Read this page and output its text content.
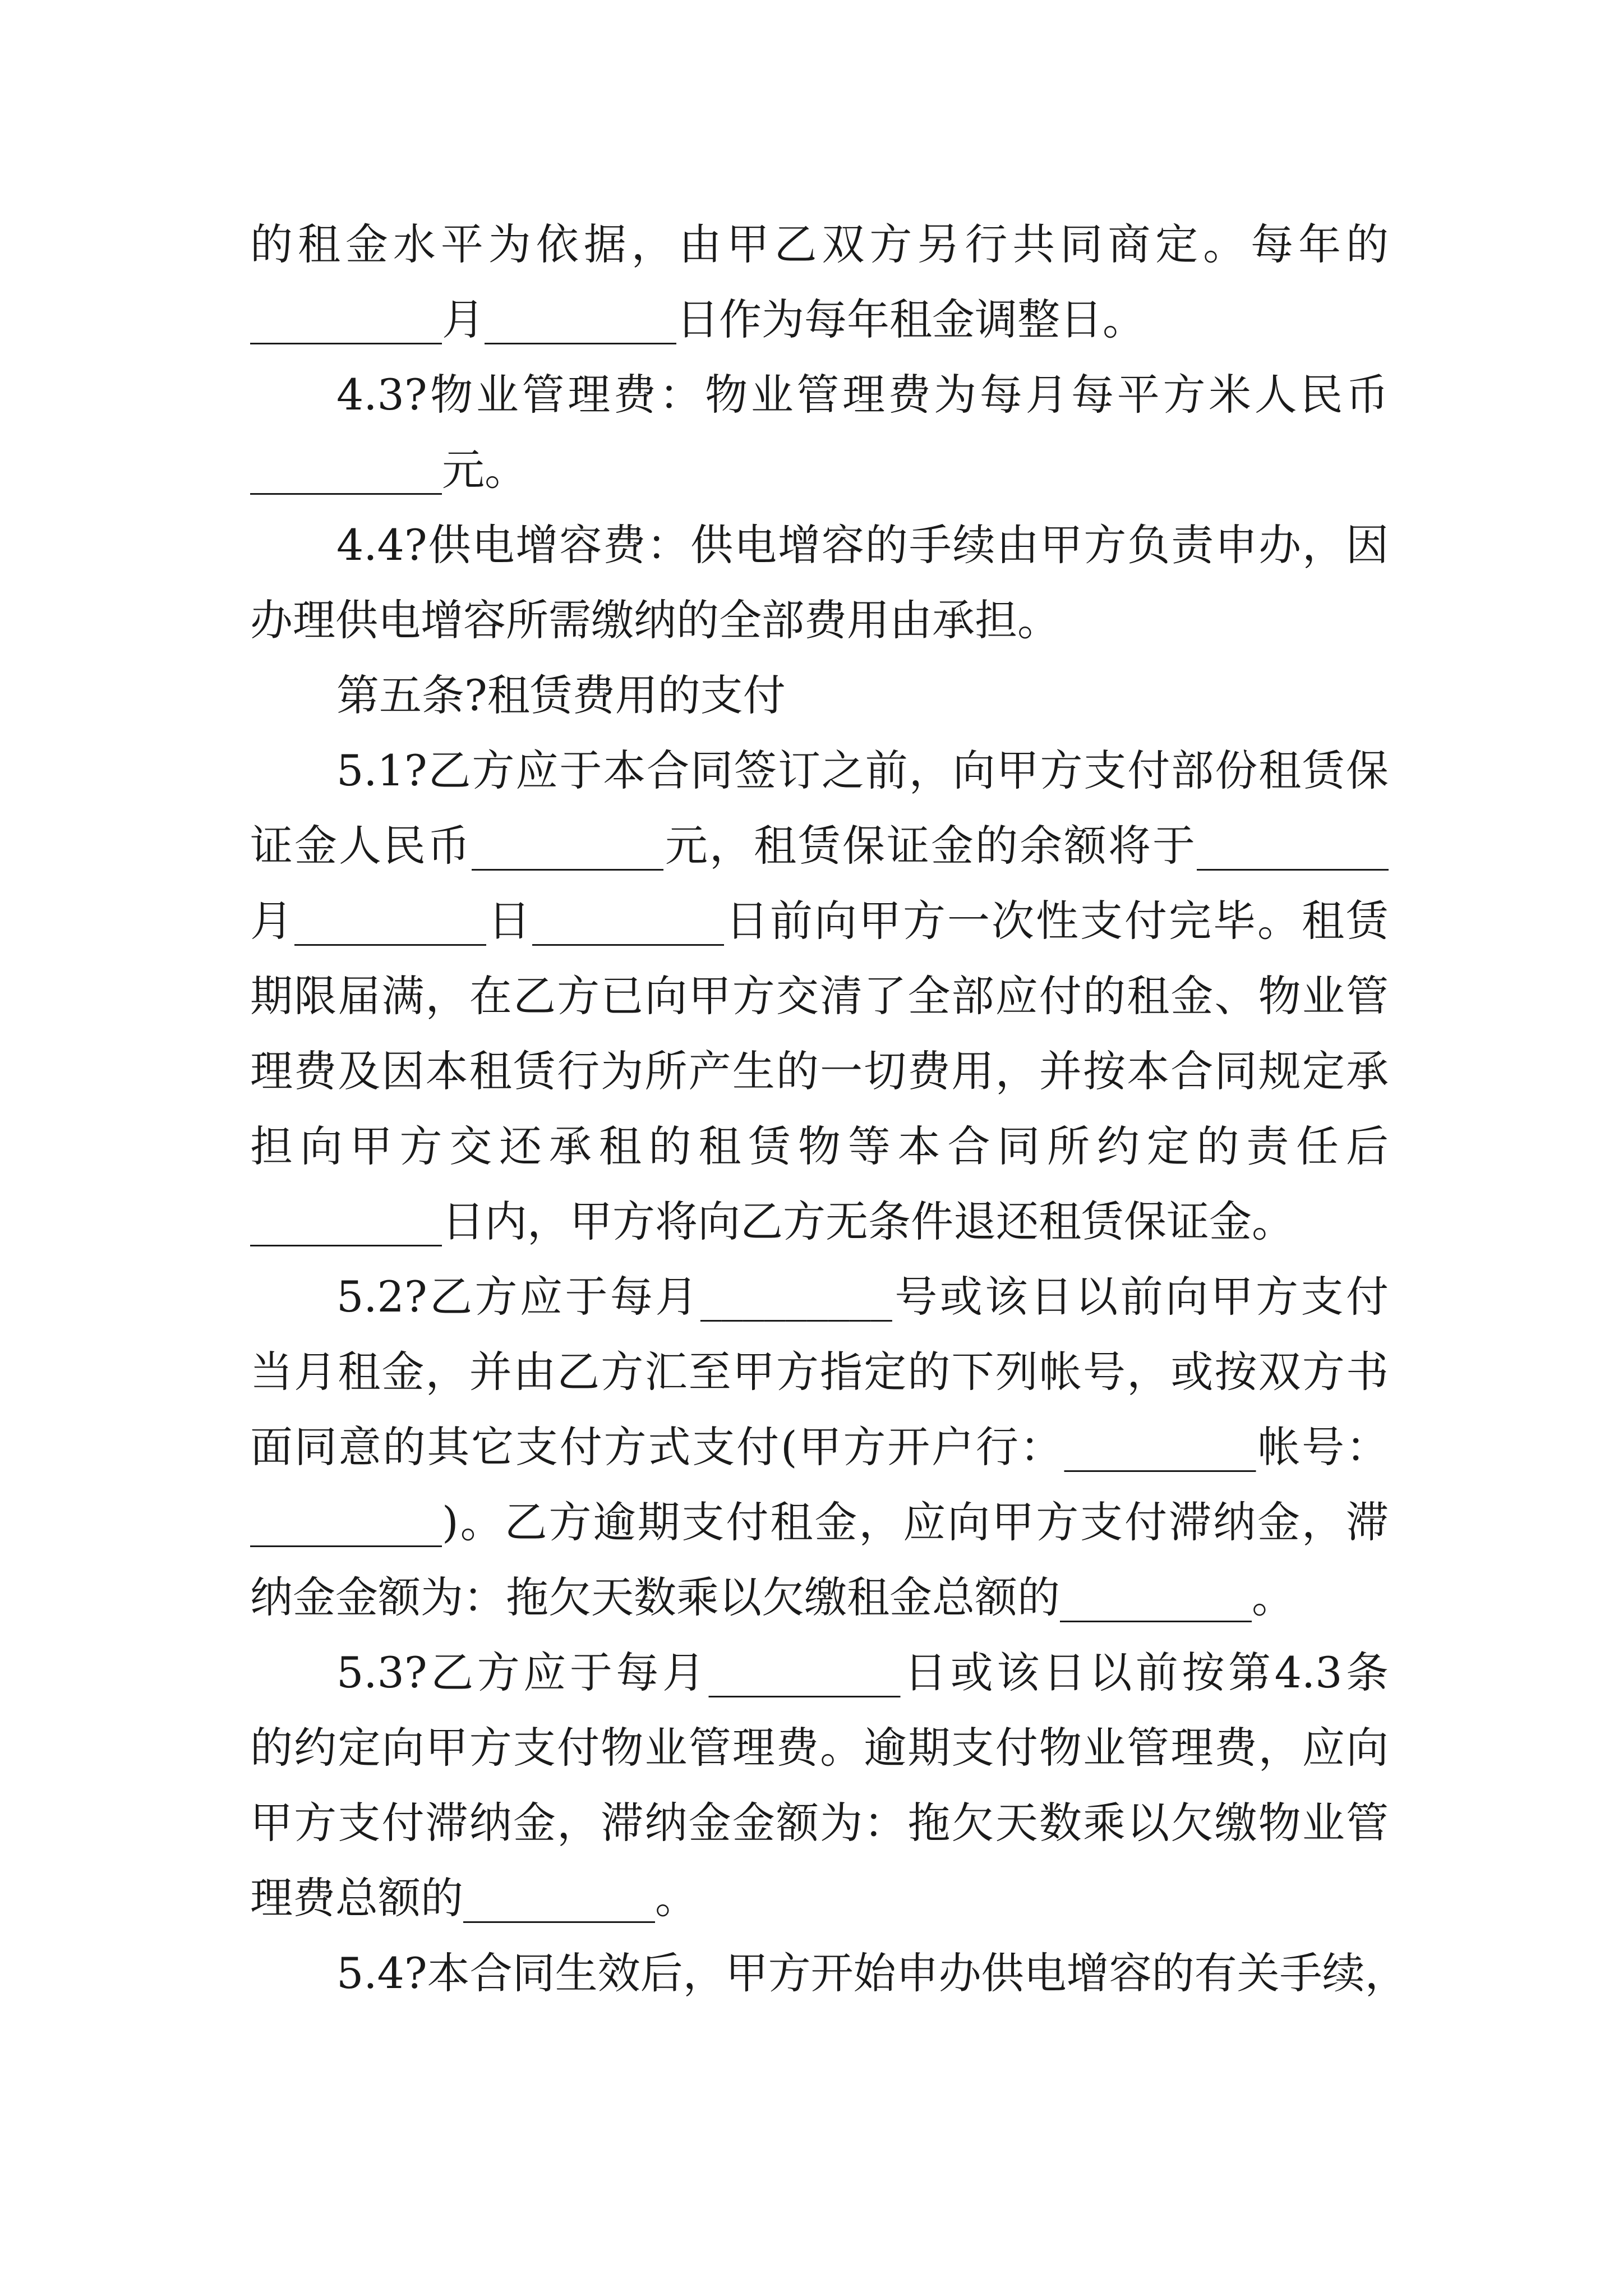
的租金水平为依据，由甲乙双方另行共同商定。每年的
_________月_________日作为每年租金调整日。
4.3?物业管理费：物业管理费为每月每平方米人民币
_________元。
4.4?供电增容费：供电增容的手续由甲方负责申办，因
办理供电增容所需缴纳的全部费用由承担。
第五条?租赁费用的支付
5.1?乙方应于本合同签订之前，向甲方支付部份租赁保
证金人民币_________元，租赁保证金的余额将于_________
月_________日_________日前向甲方一次性支付完毕。租赁
期限届满，在乙方已向甲方交清了全部应付的租金、物业管
理费及因本租赁行为所产生的一切费用，并按本合同规定承
担向甲方交还承租的租赁物等本合同所约定的责任后
_________日内，甲方将向乙方无条件退还租赁保证金。
5.2?乙方应于每月_________号或该日以前向甲方支付
当月租金，并由乙方汇至甲方指定的下列帐号，或按双方书
面同意的其它支付方式支付(甲方开户行：_________帐号：
_________)。乙方逾期支付租金，应向甲方支付滞纳金，滞
纳金金额为：拖欠天数乘以欠缴租金总额的_________。
5.3?乙方应于每月_________日或该日以前按第4.3条
的约定向甲方支付物业管理费。逾期支付物业管理费，应向
甲方支付滞纳金，滞纳金金额为：拖欠天数乘以欠缴物业管
理费总额的_________。
5.4?本合同生效后，甲方开始申办供电增容的有关手续，
